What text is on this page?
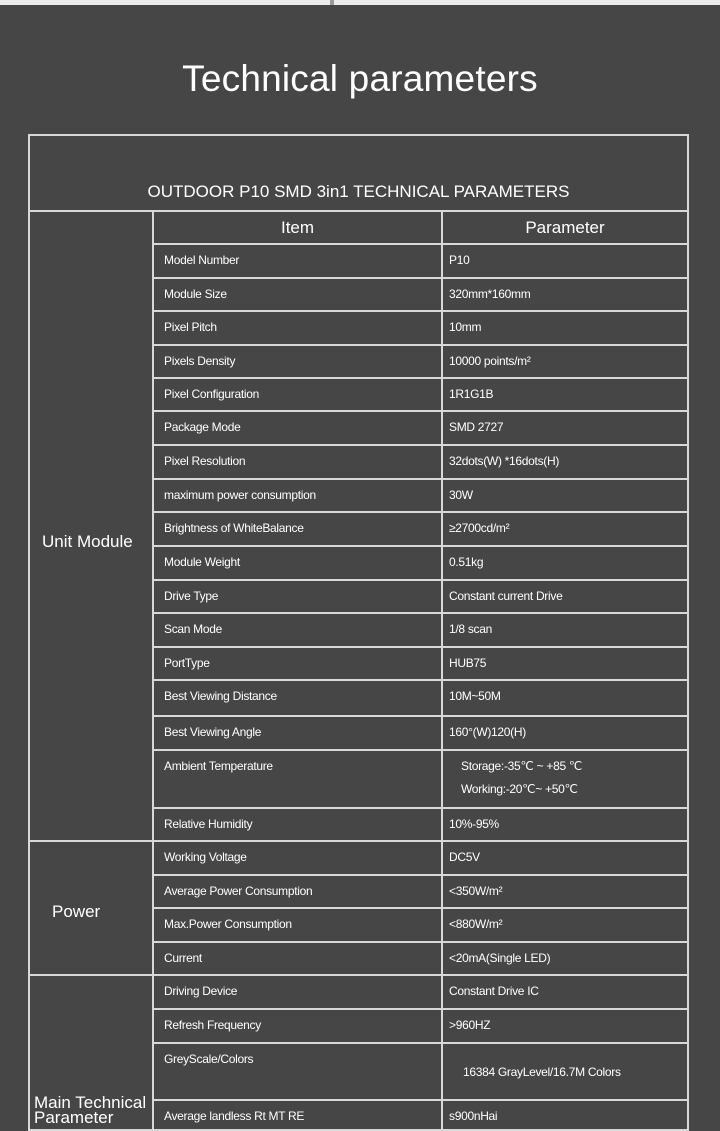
Technical parameters
OUTDOOR P10 SMD 3in1 TECHNICAL PARAMETERS		
	Item	Parameter
Unit Module	Model Number	P10
	Module Size	320mm*160mm
	Pixel Pitch	10mm
	Pixels Density	10000 points/m²
	Pixel Configuration	1R1G1B
	Package Mode	SMD 2727
	Pixel Resolution	32dots(W) *16dots(H)
	maximum power consumption	30W
	Brightness of WhiteBalance	≥2700cd/m²
	Module Weight	0.51kg
	Drive Type	Constant current Drive
	Scan Mode	1/8 scan
	PortType	HUB75
	Best Viewing Distance	10M~50M
	Best Viewing Angle	160°(W)120(H)
	Ambient Temperature	Storage:-35℃ ~ +85 ℃
Working:-20℃~ +50℃
	Relative Humidity	10%-95%
Power	Working Voltage	DC5V
	Average Power Consumption	<350W/m²
	Max.Power Consumption	<880W/m²
	Current	<20mA(Single LED)
Main Technical Parameter	Driving Device	Constant Drive IC
	Refresh Frequency	>960HZ
	GreyScale/Colors	16384 GrayLevel/16.7M Colors
	Average landless Rt MT RE	s900nHai
